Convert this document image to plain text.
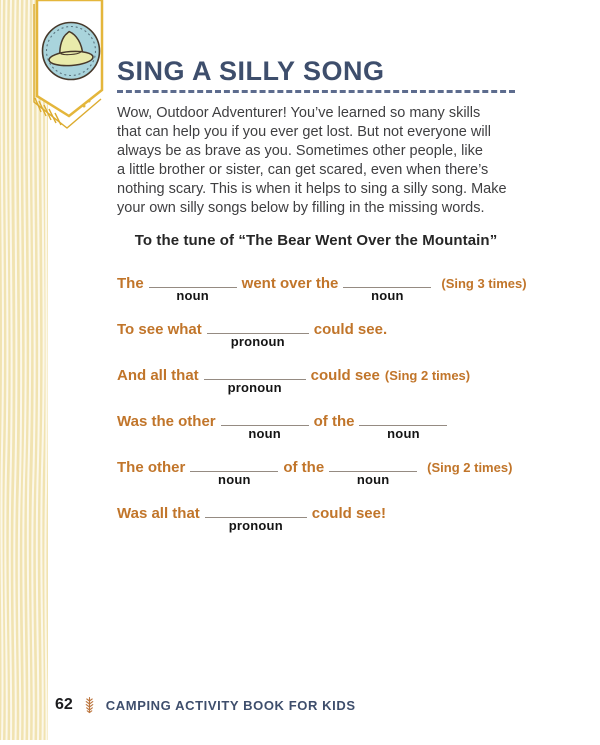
SING A SILLY SONG
Wow, Outdoor Adventurer! You’ve learned so many skills
that can help you if you ever get lost. But not everyone will
always be as brave as you. Sometimes other people, like
a little brother or sister, can get scared, even when there’s
nothing scary. This is when it helps to sing a silly song. Make
your own silly songs below by filling in the missing words.
To the tune of “The Bear Went Over the Mountain”
The
noun
went over the
noun
(Sing 3 times)
To see what
pronoun
could see.
And all that
pronoun
could see (Sing 2 times)
Was the other
noun
of the
noun
The other
noun
of the
noun
(Sing 2 times)
Was all that
pronoun
could see!
62	CAMPING ACTIVITY BOOK FOR KIDS
